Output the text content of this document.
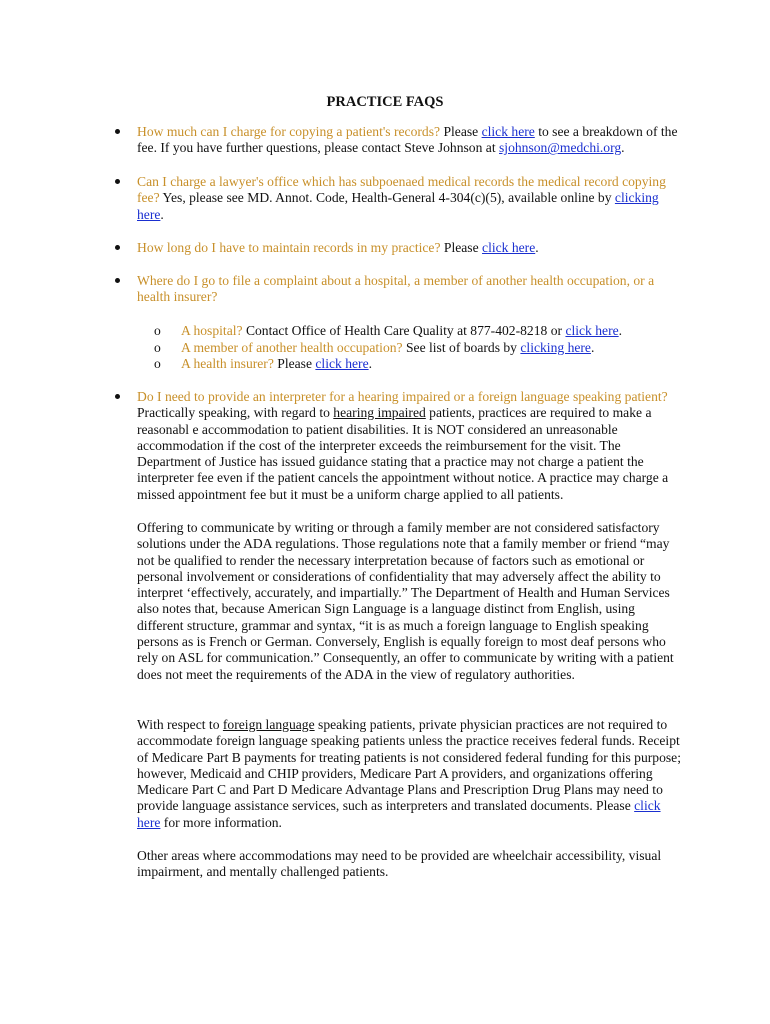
PRACTICE FAQS

How much can I charge for copying a patient's records? Please click here to see a breakdown of the fee. If you have further questions, please contact Steve Johnson at sjohnson@medchi.org.

Can I charge a lawyer's office which has subpoenaed medical records the medical record copying fee? Yes, please see MD. Annot. Code, Health-General 4-304(c)(5), available online by clicking here.

How long do I have to maintain records in my practice? Please click here.

Where do I go to file a complaint about a hospital, a member of another health occupation, or a health insurer?

o A hospital? Contact Office of Health Care Quality at 877-402-8218 or click here.
o A member of another health occupation? See list of boards by clicking here.
o A health insurer? Please click here.

Do I need to provide an interpreter for a hearing impaired or a foreign language speaking patient?
Practically speaking, with regard to hearing impaired patients, practices are required to make a reasonabl e accommodation to patient disabilities. It is NOT considered an unreasonable accommodation if the cost of the interpreter exceeds the reimbursement for the visit. The Department of Justice has issued guidance stating that a practice may not charge a patient the interpreter fee even if the patient cancels the appointment without notice. A practice may charge a missed appointment fee but it must be a uniform charge applied to all patients.

Offering to communicate by writing or through a family member are not considered satisfactory solutions under the ADA regulations. Those regulations note that a family member or friend “may not be qualified to render the necessary interpretation because of factors such as emotional or personal involvement or considerations of confidentiality that may adversely affect the ability to interpret ‘effectively, accurately, and impartially.” The Department of Health and Human Services also notes that, because American Sign Language is a language distinct from English, using different structure, grammar and syntax, “it is as much a foreign language to English speaking persons as is French or German. Conversely, English is equally foreign to most deaf persons who rely on ASL for communication.” Consequently, an offer to communicate by writing with a patient does not meet the requirements of the ADA in the view of regulatory authorities.

With respect to foreign language speaking patients, private physician practices are not required to accommodate foreign language speaking patients unless the practice receives federal funds. Receipt of Medicare Part B payments for treating patients is not considered federal funding for this purpose; however, Medicaid and CHIP providers, Medicare Part A providers, and organizations offering Medicare Part C and Part D Medicare Advantage Plans and Prescription Drug Plans may need to provide language assistance services, such as interpreters and translated documents. Please click here for more information.

Other areas where accommodations may need to be provided are wheelchair accessibility, visual impairment, and mentally challenged patients.
